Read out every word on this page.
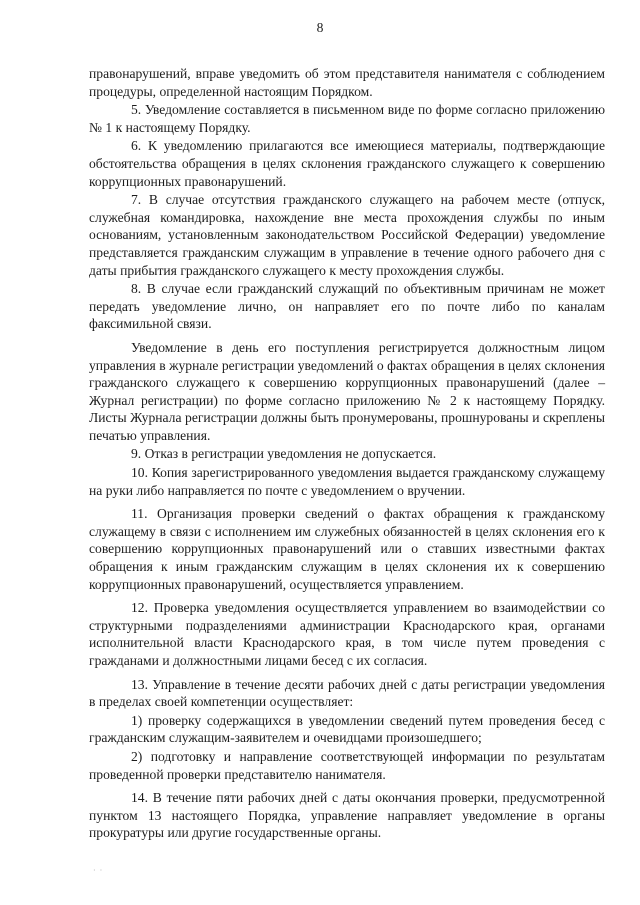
8

правонарушений, вправе уведомить об этом представителя нанимателя с соблюдением процедуры, определенной настоящим Порядком.

5. Уведомление составляется в письменном виде по форме согласно приложению № 1 к настоящему Порядку.

6. К уведомлению прилагаются все имеющиеся материалы, подтверждающие обстоятельства обращения в целях склонения гражданского служащего к совершению коррупционных правонарушений.

7. В случае отсутствия гражданского служащего на рабочем месте (отпуск, служебная командировка, нахождение вне места прохождения службы по иным основаниям, установленным законодательством Российской Федерации) уведомление представляется гражданским служащим в управление в течение одного рабочего дня с даты прибытия гражданского служащего к месту прохождения службы.

8. В случае если гражданский служащий по объективным причинам не может передать уведомление лично, он направляет его по почте либо по каналам факсимильной связи.

Уведомление в день его поступления регистрируется должностным лицом управления в журнале регистрации уведомлений о фактах обращения в целях склонения гражданского служащего к совершению коррупционных правонарушений (далее – Журнал регистрации) по форме согласно приложению № 2 к настоящему Порядку. Листы Журнала регистрации должны быть пронумерованы, прошнурованы и скреплены печатью управления.

9. Отказ в регистрации уведомления не допускается.

10. Копия зарегистрированного уведомления выдается гражданскому служащему на руки либо направляется по почте с уведомлением о вручении.

11. Организация проверки сведений о фактах обращения к гражданскому служащему в связи с исполнением им служебных обязанностей в целях склонения его к совершению коррупционных правонарушений или о ставших известными фактах обращения к иным гражданским служащим в целях склонения их к совершению коррупционных правонарушений, осуществляется управлением.

12. Проверка уведомления осуществляется управлением во взаимодействии со структурными подразделениями администрации Краснодарского края, органами исполнительной власти Краснодарского края, в том числе путем проведения с гражданами и должностными лицами бесед с их согласия.

13. Управление в течение десяти рабочих дней с даты регистрации уведомления в пределах своей компетенции осуществляет:

1) проверку содержащихся в уведомлении сведений путем проведения бесед с гражданским служащим-заявителем и очевидцами произошедшего;

2) подготовку и направление соответствующей информации по результатам проведенной проверки представителю нанимателя.

14. В течение пяти рабочих дней с даты окончания проверки, предусмотренной пунктом 13 настоящего Порядка, управление направляет уведомление в органы прокуратуры или другие государственные органы.

· ·
